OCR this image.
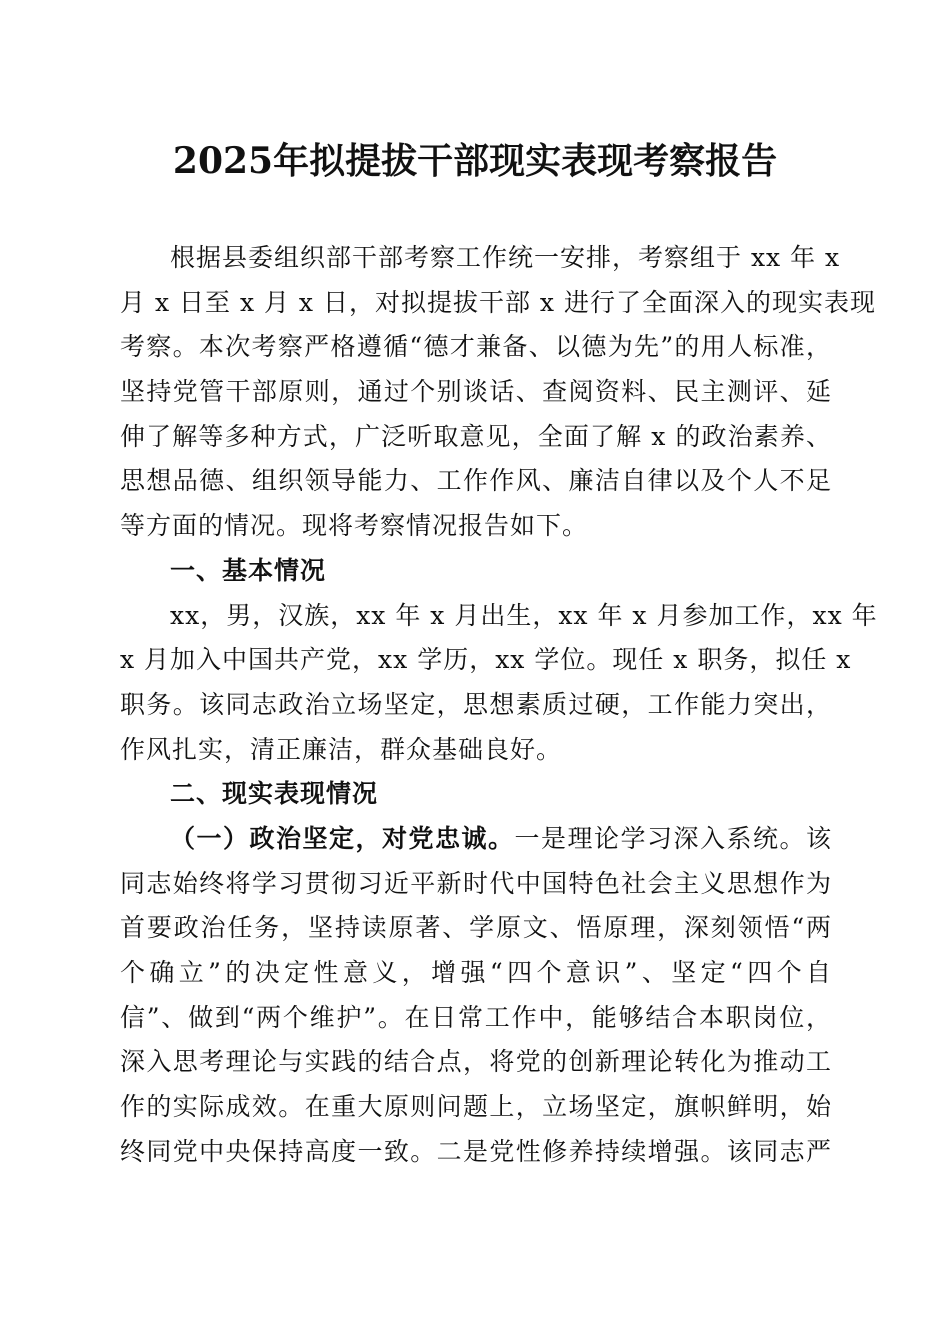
2025年拟提拔干部现实表现考察报告
根据县委组织部干部考察工作统一安排，考察组于 xx 年 x
月 x 日至 x 月 x 日，对拟提拔干部 x 进行了全面深入的现实表现
考察。本次考察严格遵循“德才兼备、以德为先”的用人标准，
坚持党管干部原则，通过个别谈话、查阅资料、民主测评、延
伸了解等多种方式，广泛听取意见，全面了解 x 的政治素养、
思想品德、组织领导能力、工作作风、廉洁自律以及个人不足
等方面的情况。现将考察情况报告如下。
一、基本情况
xx，男，汉族，xx 年 x 月出生，xx 年 x 月参加工作，xx 年
x 月加入中国共产党，xx 学历，xx 学位。现任 x 职务，拟任 x
职务。该同志政治立场坚定，思想素质过硬，工作能力突出，
作风扎实，清正廉洁，群众基础良好。
二、现实表现情况
（一）政治坚定，对党忠诚。一是理论学习深入系统。该
同志始终将学习贯彻习近平新时代中国特色社会主义思想作为
首要政治任务，坚持读原著、学原文、悟原理，深刻领悟“两
个确立”的决定性意义，增强“四个意识”、坚定“四个自
信”、做到“两个维护”。在日常工作中，能够结合本职岗位，
深入思考理论与实践的结合点，将党的创新理论转化为推动工
作的实际成效。在重大原则问题上，立场坚定，旗帜鲜明，始
终同党中央保持高度一致。二是党性修养持续增强。该同志严
